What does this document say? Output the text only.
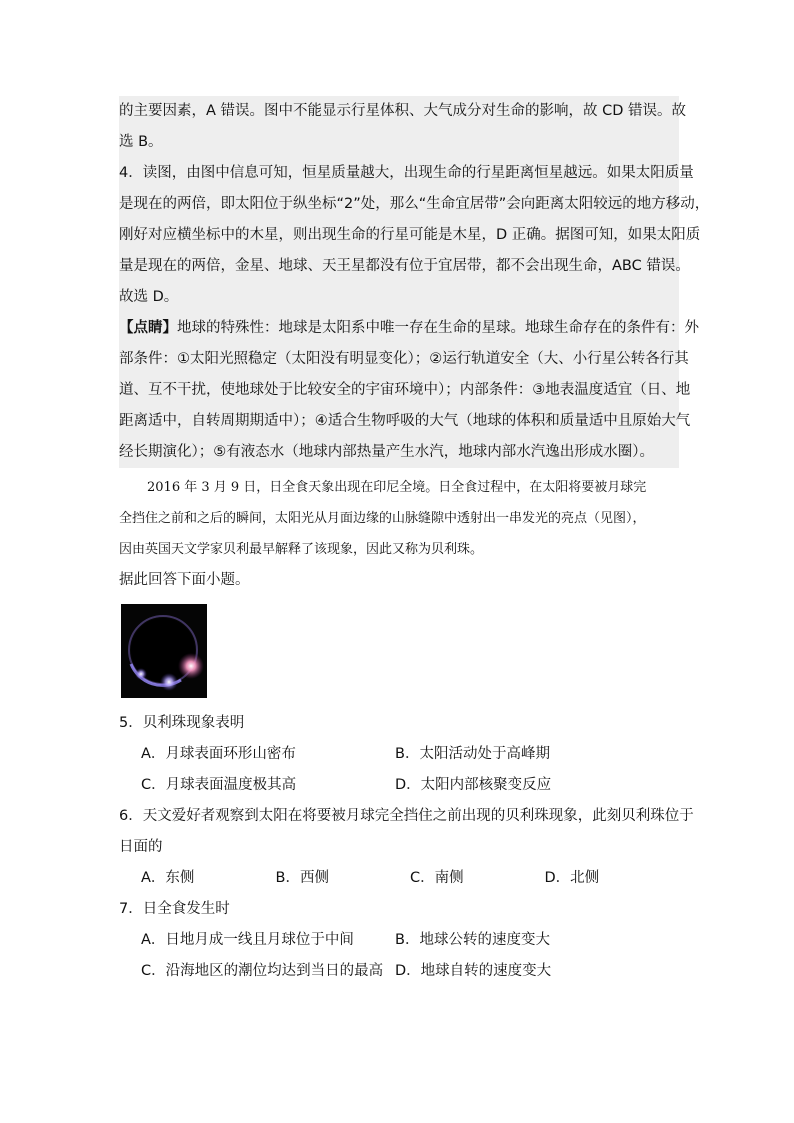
的主要因素，A 错误。图中不能显示行星体积、大气成分对生命的影响，故 CD 错误。故
选 B。
4．读图，由图中信息可知，恒星质量越大，出现生命的行星距离恒星越远。如果太阳质量
是现在的两倍，即太阳位于纵坐标“2”处，那么“生命宜居带”会向距离太阳较远的地方移动，
刚好对应横坐标中的木星，则出现生命的行星可能是木星，D 正确。据图可知，如果太阳质
量是现在的两倍，金星、地球、天王星都没有位于宜居带，都不会出现生命，ABC 错误。
故选 D。
【点睛】地球的特殊性：地球是太阳系中唯一存在生命的星球。地球生命存在的条件有：外
部条件：①太阳光照稳定（太阳没有明显变化）；②运行轨道安全（大、小行星公转各行其
道、互不干扰，使地球处于比较安全的宇宙环境中）；内部条件：③地表温度适宜（日、地
距离适中，自转周期期适中）；④适合生物呼吸的大气（地球的体积和质量适中且原始大气
经长期演化）；⑤有液态水（地球内部热量产生水汽，地球内部水汽逸出形成水圈）。
2016 年 3 月 9 日，日全食天象出现在印尼全境。日全食过程中，在太阳将要被月球完
全挡住之前和之后的瞬间，太阳光从月面边缘的山脉缝隙中透射出一串发光的亮点（见图），
因由英国天文学家贝利最早解释了该现象，因此又称为贝利珠。
据此回答下面小题。
5．贝利珠现象表明
A．月球表面环形山密布	B．太阳活动处于高峰期
C．月球表面温度极其高	D．太阳内部核聚变反应
6．天文爱好者观察到太阳在将要被月球完全挡住之前出现的贝利珠现象，此刻贝利珠位于
日面的
A．东侧	B．西侧	C．南侧	D．北侧
7．日全食发生时
A．日地月成一线且月球位于中间	B．地球公转的速度变大
C．沿海地区的潮位均达到当日的最高 D．地球自转的速度变大
